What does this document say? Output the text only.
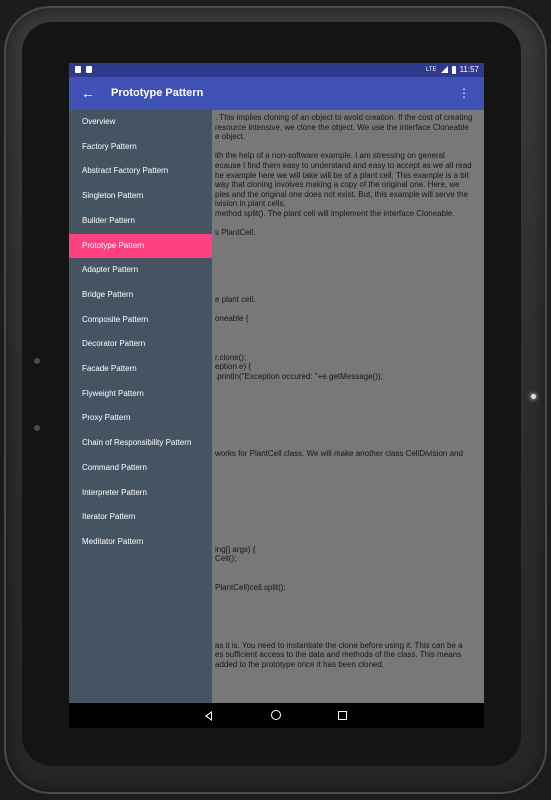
LTE	11:57
← Prototype Pattern	⋮
Overview
Factory Pattern
Abstract Factory Pattern
Singleton Pattern
Builder Pattern
Prototype Pattern
Adapter Pattern
Bridge Pattern
Composite Pattern
Decorator Pattern
Facade Pattern
Flyweight Pattern
Proxy Pattern
Chain of Responsibility Pattern
Command Pattern
Interpreter Pattern
Iterator Pattern
Meditator Pattern
